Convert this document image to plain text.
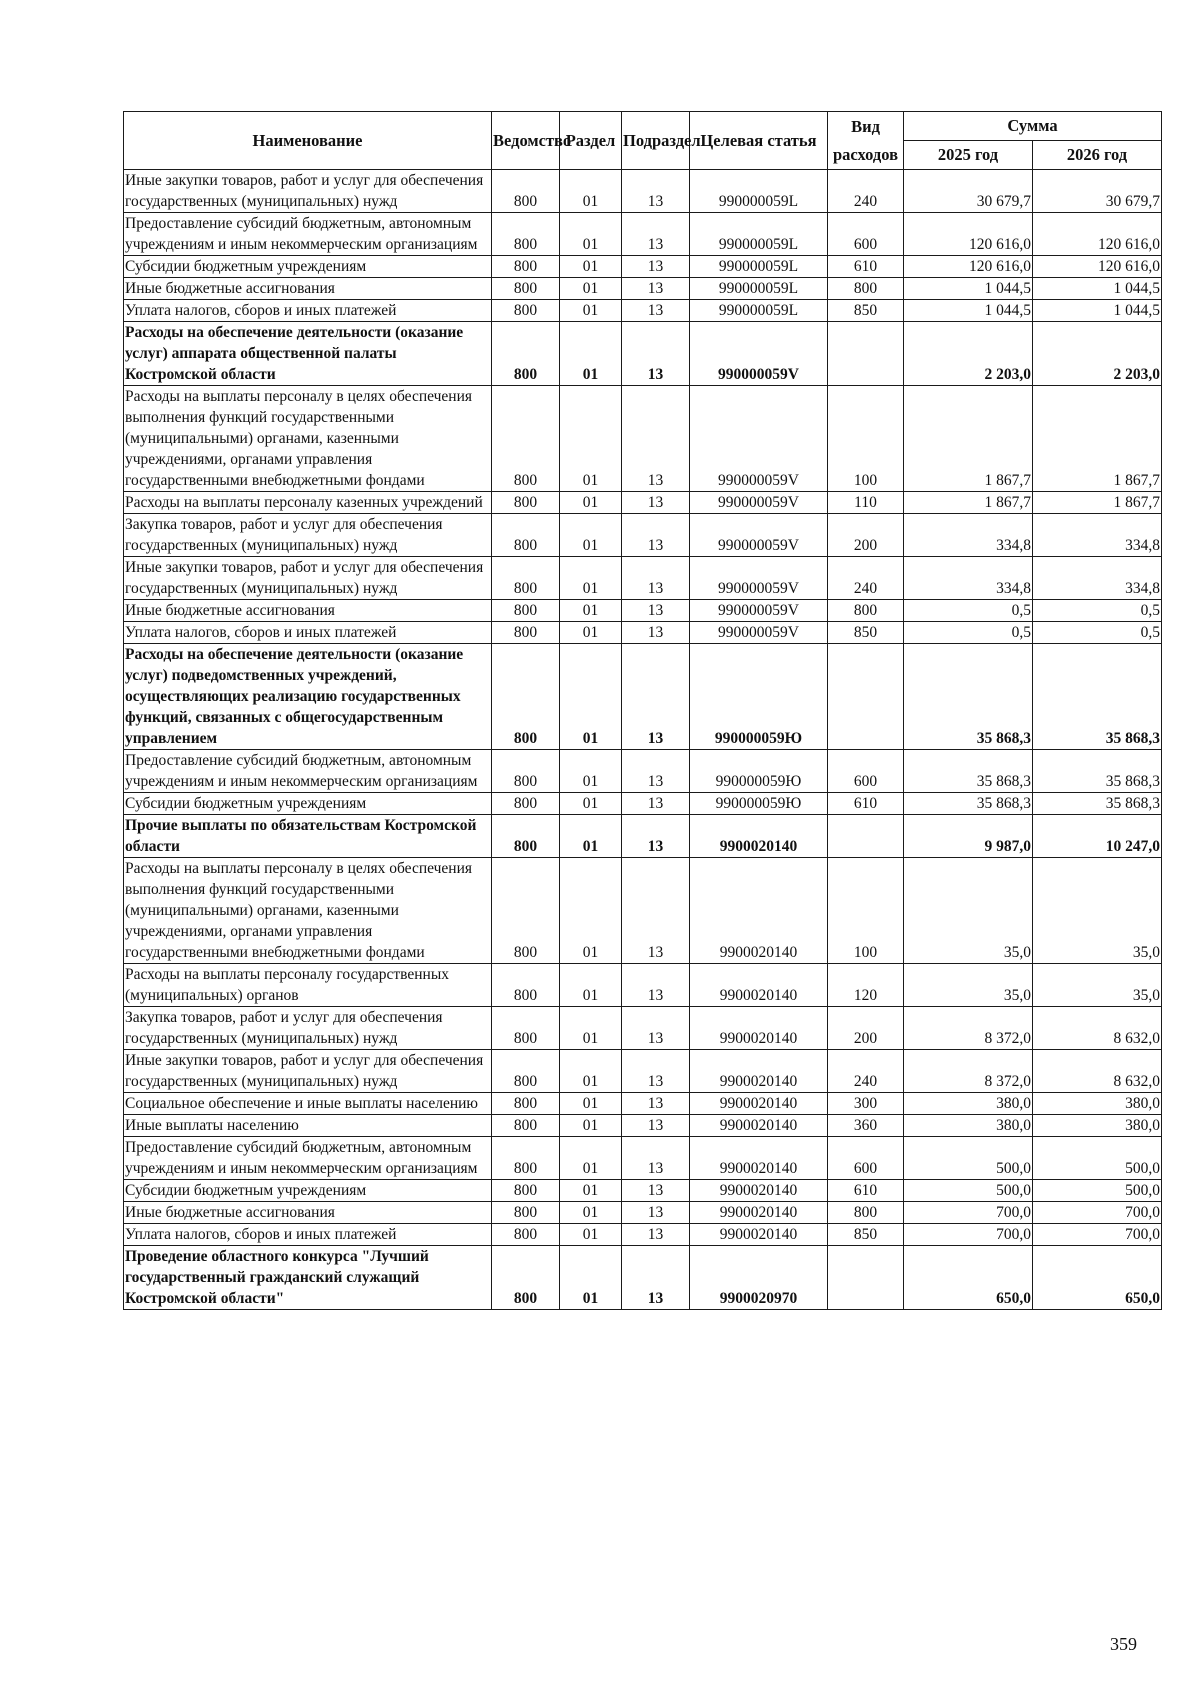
Наименование	Ведомство	Раздел	Подраздел	Целевая статья	Вид расходов	Сумма	
						2025 год	2026 год
Иные закупки товаров, работ и услуг для обеспечения государственных (муниципальных) нужд	800	01	13	990000059L	240	30 679,7	30 679,7
Предоставление субсидий бюджетным, автономным учреждениям и иным некоммерческим организациям	800	01	13	990000059L	600	120 616,0	120 616,0
Субсидии бюджетным учреждениям	800	01	13	990000059L	610	120 616,0	120 616,0
Иные бюджетные ассигнования	800	01	13	990000059L	800	1 044,5	1 044,5
Уплата налогов, сборов и иных платежей	800	01	13	990000059L	850	1 044,5	1 044,5
Расходы на обеспечение деятельности (оказание услуг) аппарата общественной палаты Костромской области	800	01	13	990000059V		2 203,0	2 203,0
Расходы на выплаты персоналу в целях обеспечения выполнения функций государственными (муниципальными) органами, казенными учреждениями, органами управления государственными внебюджетными фондами	800	01	13	990000059V	100	1 867,7	1 867,7
Расходы на выплаты персоналу казенных учреждений	800	01	13	990000059V	110	1 867,7	1 867,7
Закупка товаров, работ и услуг для обеспечения государственных (муниципальных) нужд	800	01	13	990000059V	200	334,8	334,8
Иные закупки товаров, работ и услуг для обеспечения государственных (муниципальных) нужд	800	01	13	990000059V	240	334,8	334,8
Иные бюджетные ассигнования	800	01	13	990000059V	800	0,5	0,5
Уплата налогов, сборов и иных платежей	800	01	13	990000059V	850	0,5	0,5
Расходы на обеспечение деятельности (оказание услуг) подведомственных учреждений, осуществляющих реализацию государственных функций, связанных с общегосударственным управлением	800	01	13	990000059Ю		35 868,3	35 868,3
Предоставление субсидий бюджетным, автономным учреждениям и иным некоммерческим организациям	800	01	13	990000059Ю	600	35 868,3	35 868,3
Субсидии бюджетным учреждениям	800	01	13	990000059Ю	610	35 868,3	35 868,3
Прочие выплаты по обязательствам Костромской области	800	01	13	9900020140		9 987,0	10 247,0
Расходы на выплаты персоналу в целях обеспечения выполнения функций государственными (муниципальными) органами, казенными учреждениями, органами управления государственными внебюджетными фондами	800	01	13	9900020140	100	35,0	35,0
Расходы на выплаты персоналу государственных (муниципальных) органов	800	01	13	9900020140	120	35,0	35,0
Закупка товаров, работ и услуг для обеспечения государственных (муниципальных) нужд	800	01	13	9900020140	200	8 372,0	8 632,0
Иные закупки товаров, работ и услуг для обеспечения государственных (муниципальных) нужд	800	01	13	9900020140	240	8 372,0	8 632,0
Социальное обеспечение и иные выплаты населению	800	01	13	9900020140	300	380,0	380,0
Иные выплаты населению	800	01	13	9900020140	360	380,0	380,0
Предоставление субсидий бюджетным, автономным учреждениям и иным некоммерческим организациям	800	01	13	9900020140	600	500,0	500,0
Субсидии бюджетным учреждениям	800	01	13	9900020140	610	500,0	500,0
Иные бюджетные ассигнования	800	01	13	9900020140	800	700,0	700,0
Уплата налогов, сборов и иных платежей	800	01	13	9900020140	850	700,0	700,0
Проведение областного конкурса "Лучший государственный гражданский служащий Костромской области"	800	01	13	9900020970		650,0	650,0
359
